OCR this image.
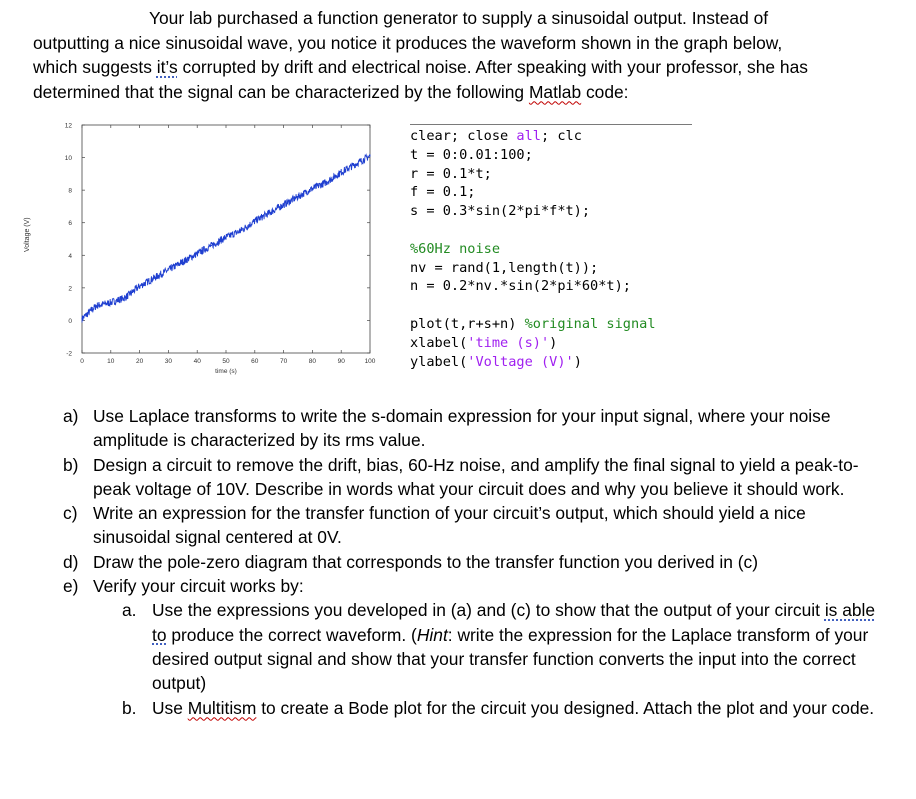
Your lab purchased a function generator to supply a sinusoidal output. Instead of
outputting a nice sinusoidal wave, you notice it produces the waveform shown in the graph below,
which suggests it’s corrupted by drift and electrical noise. After speaking with your professor, she has
determined that the signal can be characterized by the following Matlab code:
0	10	20	30	40	50	60	70	80	90	100
-2
0
2
4
6
8
10
12
time (s)
Voltage (V)
clear; close all; clc
t = 0:0.01:100;
r = 0.1*t;
f = 0.1;
s = 0.3*sin(2*pi*f*t);
%60Hz noise
nv = rand(1,length(t));
n = 0.2*nv.*sin(2*pi*60*t);
plot(t,r+s+n) %original signal
xlabel('time (s)')
ylabel('Voltage (V)')
a) Use Laplace transforms to write the s-domain expression for your input signal, where your noise amplitude is characterized by its rms value.
b) Design a circuit to remove the drift, bias, 60-Hz noise, and amplify the final signal to yield a peak-to-peak voltage of 10V. Describe in words what your circuit does and why you believe it should work.
c) Write an expression for the transfer function of your circuit’s output, which should yield a nice sinusoidal signal centered at 0V.
d) Draw the pole-zero diagram that corresponds to the transfer function you derived in (c)
e) Verify your circuit works by:
a. Use the expressions you developed in (a) and (c) to show that the output of your circuit is able to produce the correct waveform. (Hint: write the expression for the Laplace transform of your desired output signal and show that your transfer function converts the input into the correct output)
b. Use Multitism to create a Bode plot for the circuit you designed. Attach the plot and your code.
